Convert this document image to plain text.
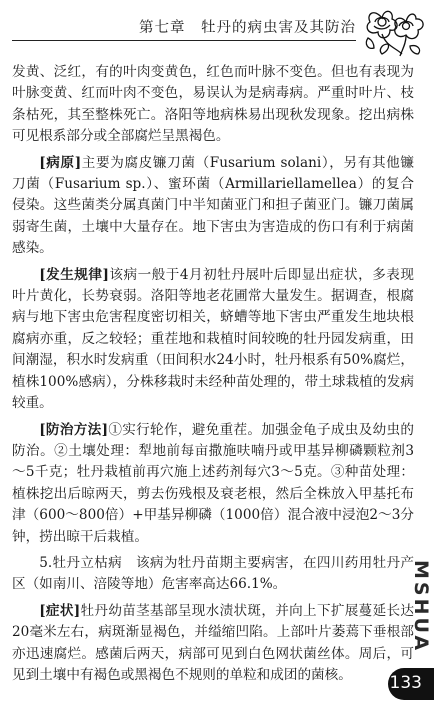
第七章　牡丹的病虫害及其防治

发黄、泛红，有的叶肉变黄色，红色而叶脉不变色。但也有表现为叶脉变黄、红而叶肉不变色，易误认为是病毒病。严重时叶片、枝条枯死，其至整株死亡。洛阳等地病株易出现秋发现象。挖出病株可见根系部分或全部腐烂呈黑褐色。

[病原]主要为腐皮镰刀菌（Fusarium solani），另有其他镰刀菌（Fusarium sp.）、蜜环菌（Armillariellamellea）的复合侵染。这些菌类分属真菌门中半知菌亚门和担子菌亚门。镰刀菌属弱寄生菌，土壤中大量存在。地下害虫为害造成的伤口有利于病菌感染。

[发生规律]该病一般于4月初牡丹展叶后即显出症状，多表现叶片黄化，长势衰弱。洛阳等地老花圃常大量发生。据调查，根腐病与地下害虫危害程度密切相关，蛴螬等地下害虫严重发生地块根腐病亦重，反之较轻；重茬地和栽植时间较晚的牡丹园发病重，田间潮湿，积水时发病重（田间积水24小时，牡丹根系有50%腐烂，植株100%感病），分株移栽时未经种苗处理的，带土球栽植的发病较重。

[防治方法]①实行轮作，避免重茬。加强金龟子成虫及幼虫的防治。②土壤处理：犁地前每亩撒施呋喃丹或甲基异柳磷颗粒剂3～5千克；牡丹栽植前再穴施上述药剂每穴3～5克。③种苗处理：植株挖出后晾两天，剪去伤残根及衰老根，然后全株放入甲基托布津（600～800倍）+甲基异柳磷（1000倍）混合液中浸泡2～3分钟，捞出晾干后栽植。

5.牡丹立枯病　该病为牡丹苗期主要病害，在四川药用牡丹产区（如南川、涪陵等地）危害率高达66.1%。

[症状]牡丹幼苗茎基部呈现水渍状斑，并向上下扩展蔓延长达20毫米左右，病斑渐显褐色，并缢缩凹陷。上部叶片萎蔫下垂根部亦迅速腐烂。感菌后两天，病部可见到白色网状菌丝体。周后，可见到土壤中有褐色或黑褐色不规则的单粒和成团的菌核。

MSHUA
133
